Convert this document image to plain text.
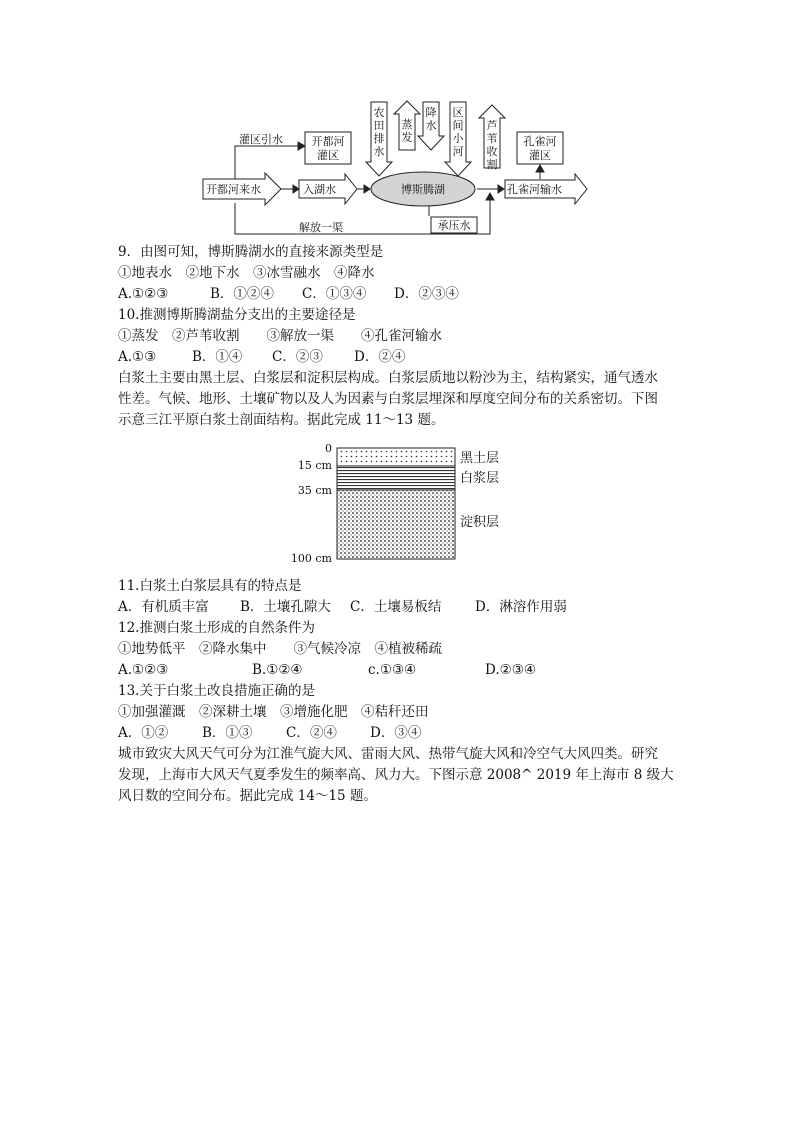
灌区引水	开都河
灌区
开都河来水	入湖水	博斯腾湖	孔雀河输水
孔雀河
灌区
农
田
排
水
蒸
发
降
水
区
间
小
河
芦
苇
收
割
承压水
解放一渠
9．由图可知，博斯腾湖水的直接来源类型是
①地表水　②地下水　③冰雪融水　④降水
A.①②③	B．①②④ C．①③④ D．②③④
10.推测博斯腾湖盐分支出的主要途径是
①蒸发　②芦苇收割　　③解放一渠　　④孔雀河输水
A.①③	B．①④ C．②③ D．②④
白浆土主要由黑土层、白浆层和淀积层构成。白浆层质地以粉沙为主，结构紧实，通气透水
性差。气候、地形、土壤矿物以及人为因素与白浆层埋深和厚度空间分布的关系密切。下图
示意三江平原白浆土剖面结构。据此完成 11～13 题。
0
15 cm
35 cm
100 cm
黑土层
白浆层
淀积层
11.白浆土白浆层具有的特点是
A．有机质丰富 B．土壤孔隙大 C．土壤易板结 D．淋溶作用弱
12.推测白浆土形成的自然条件为
①地势低平　②降水集中　　③气候冷凉　④植被稀疏
A.①②③	B.①②④	c.①③④	D.②③④
13.关于白浆土改良措施正确的是
①加强灌溉　②深耕土壤　③增施化肥　④秸秆还田
A．①②	B．①③ C．②④ D．③④
城市致灾大风天气可分为江淮气旋大风、雷雨大风、热带气旋大风和冷空气大风四类。研究
发现，上海市大风天气夏季发生的频率高、风力大。下图示意 2008^ 2019 年上海市 8 级大
风日数的空间分布。据此完成 14～15 题。
